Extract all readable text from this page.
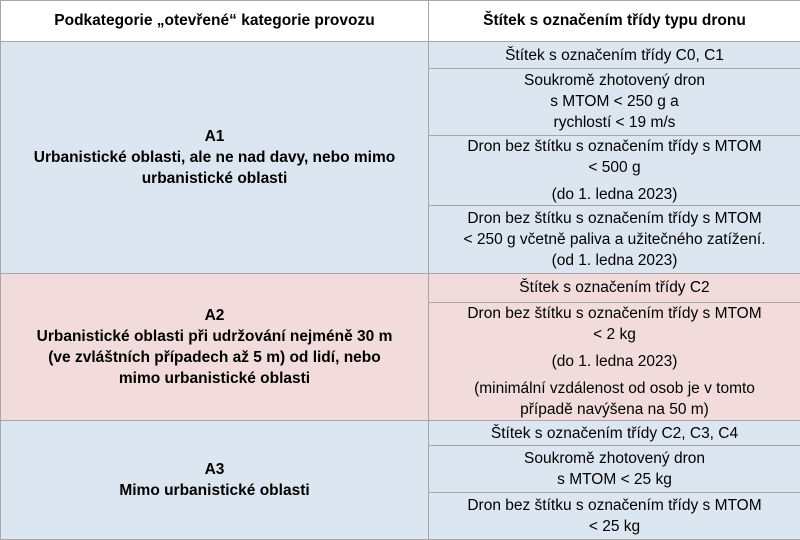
Podkategorie „otevřené“ kategorie provozu	Štítek s označením třídy typu dronu

A1
Urbanistické oblasti, ale ne nad davy, nebo mimo
urbanistické oblasti	Štítek s označením třídy C0, C1

	Soukromě zhotovený dron
s MTOM < 250 g a
rychlostí < 19 m/s

	Dron bez štítku s označením třídy s MTOM
< 500 g
(do 1. ledna 2023)

	Dron bez štítku s označením třídy s MTOM
< 250 g včetně paliva a užitečného zatížení.
(od 1. ledna 2023)

A2
Urbanistické oblasti při udržování nejméně 30 m
(ve zvláštních případech až 5 m) od lidí, nebo
mimo urbanistické oblasti	Štítek s označením třídy C2

	Dron bez štítku s označením třídy s MTOM
< 2 kg
(do 1. ledna 2023)
(minimální vzdálenost od osob je v tomto
případě navýšena na 50 m)

A3
Mimo urbanistické oblasti	Štítek s označením třídy C2, C3, C4

	Soukromě zhotovený dron
s MTOM < 25 kg

	Dron bez štítku s označením třídy s MTOM
< 25 kg
